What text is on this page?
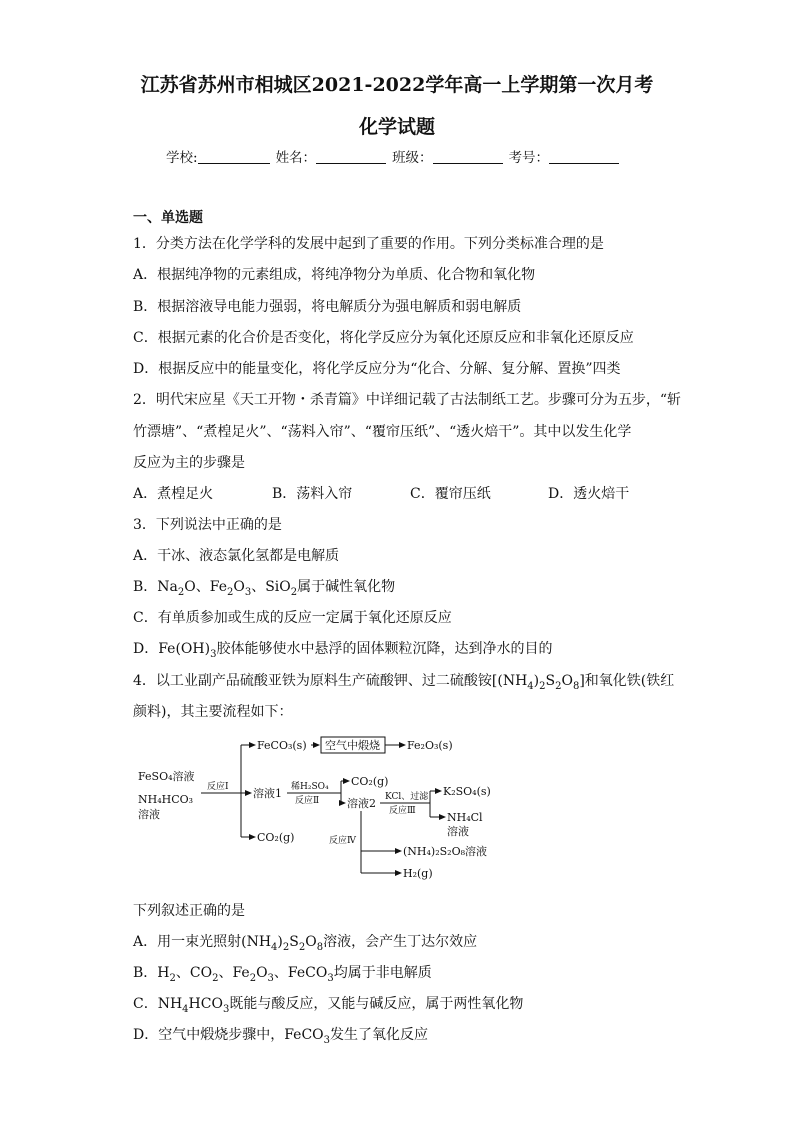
江苏省苏州市相城区2021-2022学年高一上学期第一次月考
化学试题
学校:	姓名：	班级：	考号：
一、单选题
1．分类方法在化学学科的发展中起到了重要的作用。下列分类标准合理的是
A．根据纯净物的元素组成，将纯净物分为单质、化合物和氧化物
B．根据溶液导电能力强弱，将电解质分为强电解质和弱电解质
C．根据元素的化合价是否变化，将化学反应分为氧化还原反应和非氧化还原反应
D．根据反应中的能量变化，将化学反应分为“化合、分解、复分解、置换”四类
2．明代宋应星《天工开物・杀青篇》中详细记载了古法制纸工艺。步骤可分为五步，“斩
竹漂塘”、“煮楻足火”、“荡料入帘”、“覆帘压纸”、“透火焙干”。其中以发生化学
反应为主的步骤是
A．煮楻足火	B．荡料入帘	C．覆帘压纸	D．透火焙干
3．下列说法中正确的是
A．干冰、液态氯化氢都是电解质
B．$Na_2O$、$Fe_2O_3$、SiO$_2$属于碱性氧化物
C．有单质参加或生成的反应一定属于氧化还原反应
D．$Fe(OH)_3$胶体能够使水中悬浮的固体颗粒沉降，达到净水的目的
4．以工业副产品硫酸亚铁为原料生产硫酸钾、过二硫酸铵$[(NH_4)_2S_2O_8]$和氧化铁(铁红
颜料)，其主要流程如下：
FeSO₄溶液
NH₄HCO₃
溶液
反应Ⅰ
FeCO₃(s) 空气中煅烧 Fe₂O₃(s)
溶液1 稀H₂SO₄
反应Ⅱ
CO₂(g)
溶液2 KCl、过滤
反应Ⅲ
K₂SO₄(s)
NH₄Cl
溶液
CO₂(g)	反应Ⅳ
(NH₄)₂S₂O₈溶液
H₂(g)
下列叙述正确的是
A．用一束光照射$(NH_4)_2S_2O_8$溶液，会产生丁达尔效应
B．$H_2$、$CO_2$、$Fe_2O_3$、FeCO$_3$均属于非电解质
C．$NH_4HCO_3$既能与酸反应，又能与碱反应，属于两性氧化物
D．空气中煅烧步骤中，FeCO$_3$发生了氧化反应
